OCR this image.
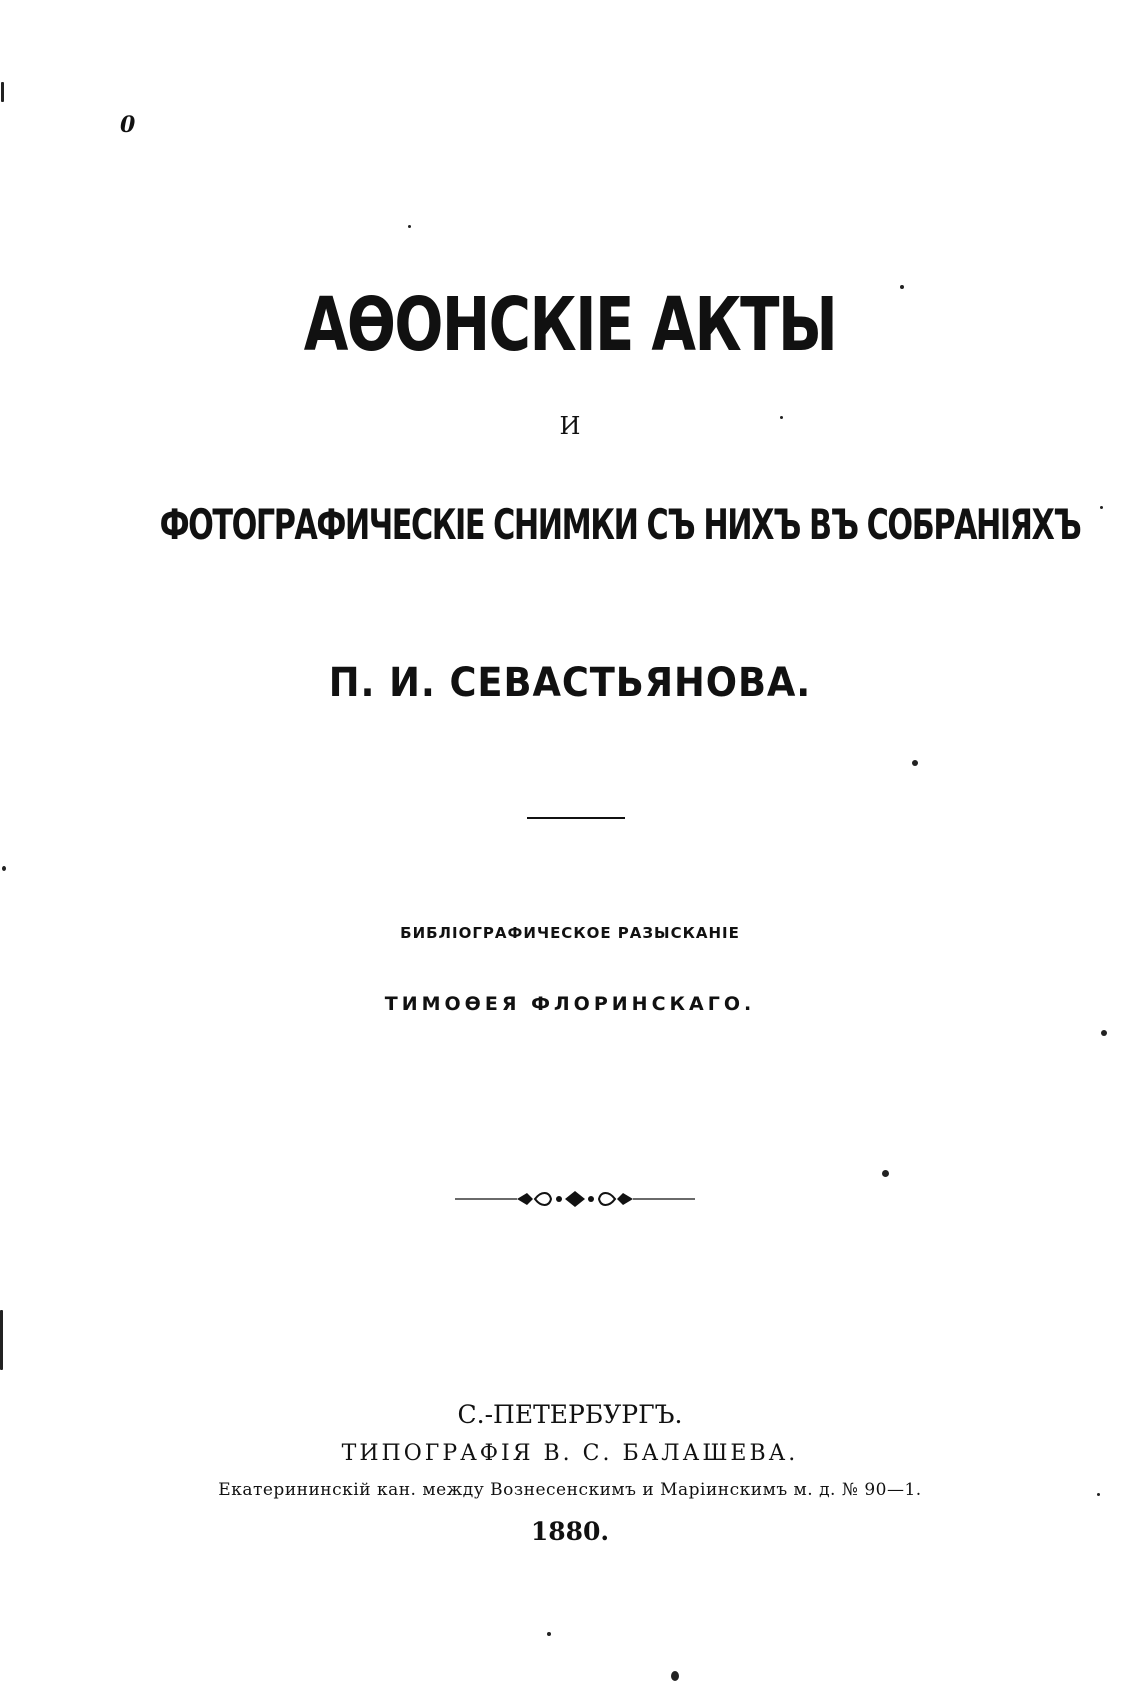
0
АѲОНСКІЕ АКТЫ
И
ФОТОГРАФИЧЕСКІЕ СНИМКИ СЪ НИХЪ ВЪ СОБРАНІЯХЪ
П. И. СЕВАСТЬЯНОВА.
БИБЛІОГРАФИЧЕСКОЕ РАЗЫСКАНІЕ
ТИМОѲЕЯ ФЛОРИНСКАГО.
С.-ПЕТЕРБУРГЪ.
ТИПОГРАФІЯ В. С. БАЛАШЕВА.
Екатерининскій кан. между Вознесенскимъ и Маріинскимъ м. д. № 90—1.
1880.
